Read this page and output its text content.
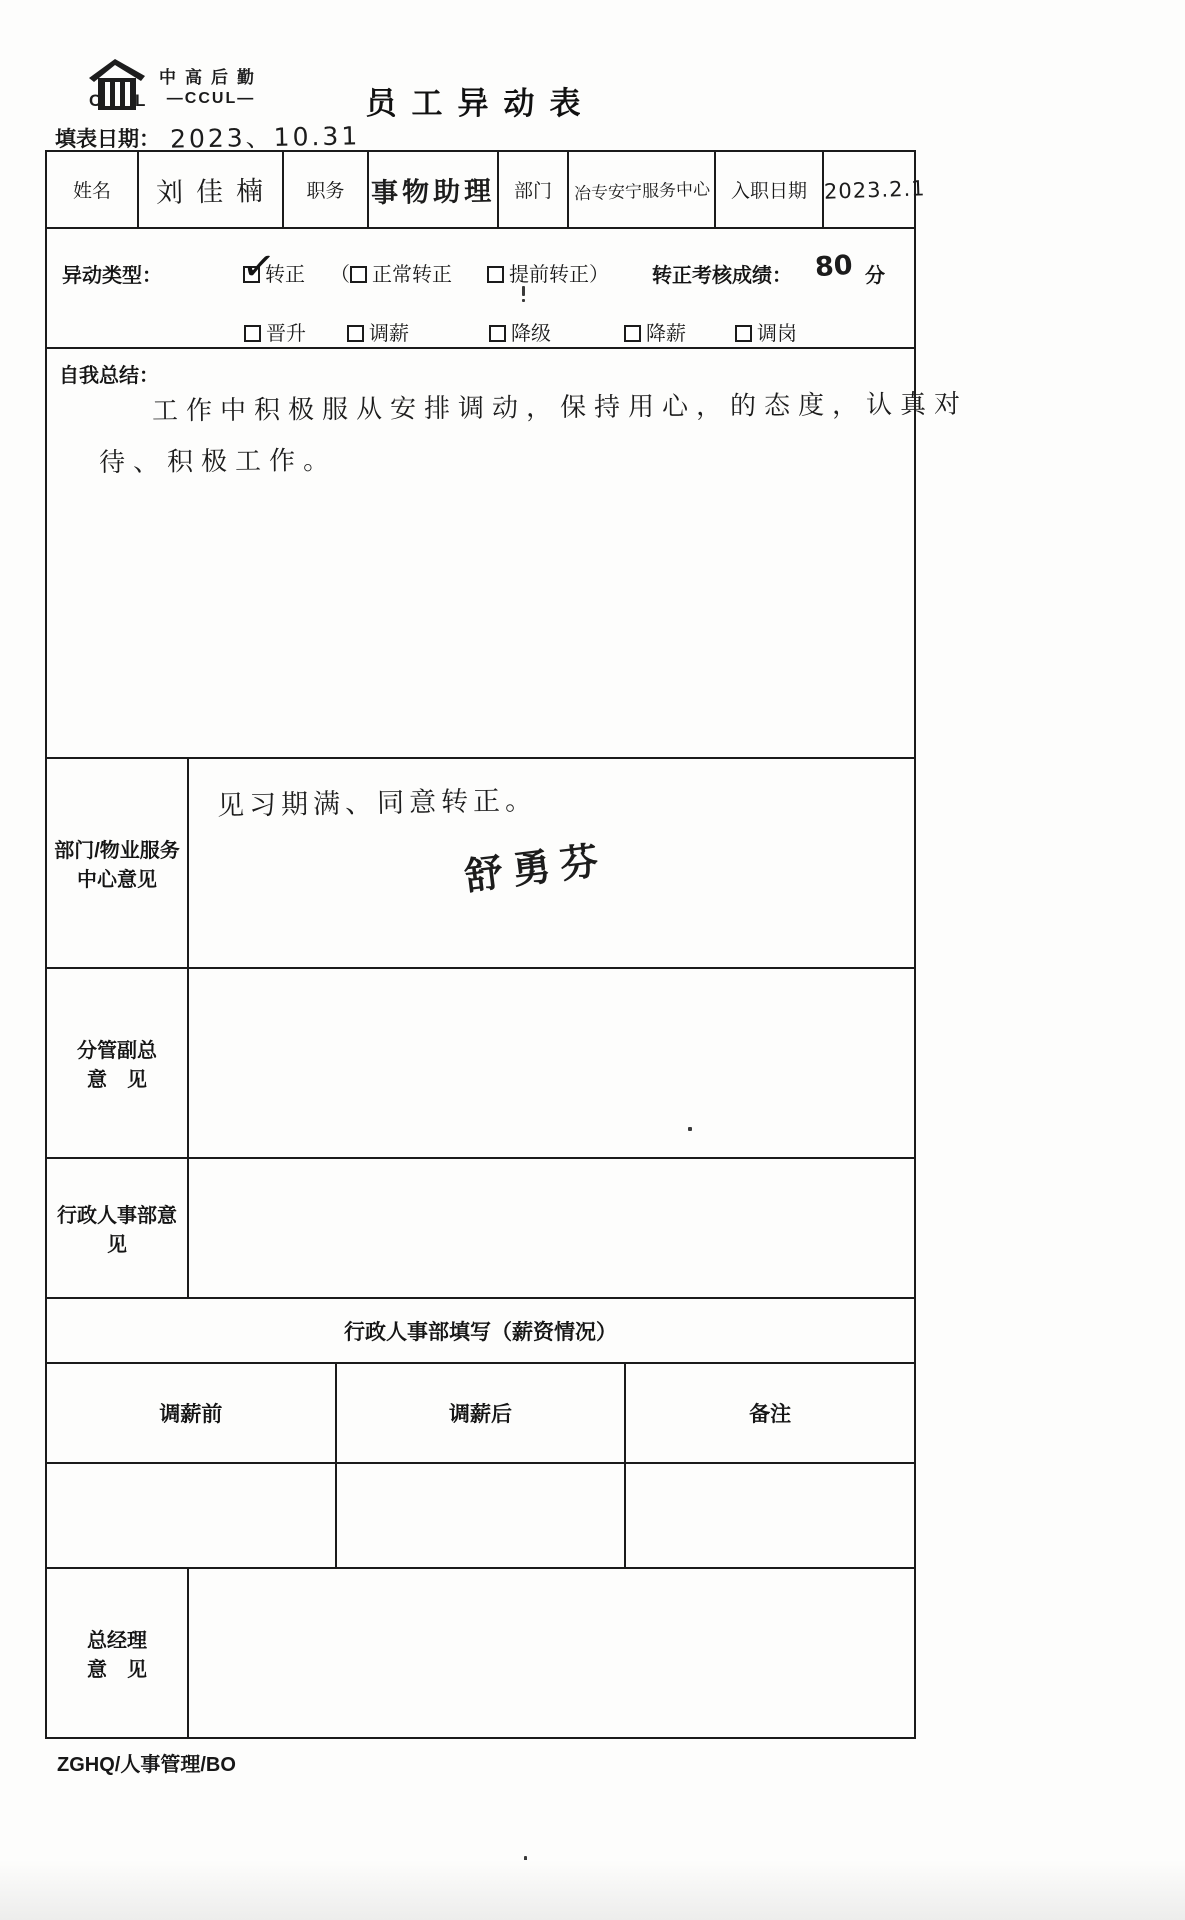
C L
中高后勤
—CCUL—	员工异动表
填表日期： 2023、10.31
姓名	刘佳楠 职务 事物助理 部门 冶专安宁服务中心 入职日期 2023.2.1
异动类型： ✓	转正 （ 正常转正	提前转正） 转正考核成绩： 80 分
晋升	调薪	降级	降薪	调岗
自我总结：
工作中积极服从安排调动，保持用心，的态度，认真对
待、积极工作。
部门/物业服务中心意见
见习期满、同意转正。
舒勇芬
分管副总
意　见
行政人事部意见
行政人事部填写（薪资情况）
调薪前	调薪后	备注
总经理
意　见
ZGHQ/人事管理/BO
